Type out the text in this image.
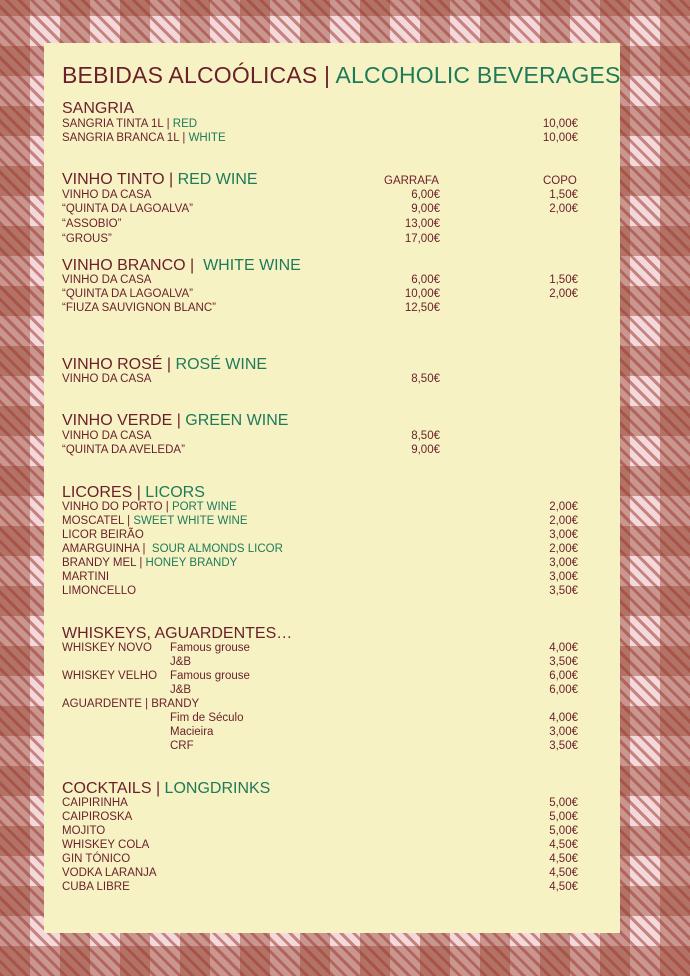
BEBIDAS ALCOÓLICAS | ALCOHOLIC BEVERAGES
SANGRIA
SANGRIA TINTA 1L | RED	10,00€
SANGRIA BRANCA 1L | WHITE	10,00€
VINHO TINTO | RED WINE	GARRAFA	COPO
VINHO DA CASA	6,00€	1,50€
“QUINTA DA LAGOALVA”	9,00€	2,00€
“ASSOBIO”	13,00€
“GROUS”	17,00€
VINHO BRANCO |  WHITE WINE
VINHO DA CASA	6,00€	1,50€
“QUINTA DA LAGOALVA”	10,00€	2,00€
“FIUZA SAUVIGNON BLANC”	12,50€
VINHO ROSÉ | ROSÉ WINE
VINHO DA CASA	8,50€
VINHO VERDE | GREEN WINE
VINHO DA CASA	8,50€
“QUINTA DA AVELEDA”	9,00€
LICORES | LICORS
VINHO DO PORTO | PORT WINE	2,00€
MOSCATEL | SWEET WHITE WINE	2,00€
LICOR BEIRÃO	3,00€
AMARGUINHA |  SOUR ALMONDS LICOR	2,00€
BRANDY MEL | HONEY BRANDY	3,00€
MARTINI	3,00€
LIMONCELLO	3,50€
WHISKEYS, AGUARDENTES…
WHISKEY NOVO Famous grouse	4,00€
J&B	3,50€
WHISKEY VELHO Famous grouse	6,00€
J&B	6,00€
AGUARDENTE | BRANDY
Fim de Século	4,00€
Macieira	3,00€
CRF	3,50€
COCKTAILS | LONGDRINKS
CAIPIRINHA	5,00€
CAIPIROSKA	5,00€
MOJITO	5,00€
WHISKEY COLA	4,50€
GIN TÓNICO	4,50€
VODKA LARANJA	4,50€
CUBA LIBRE	4,50€
